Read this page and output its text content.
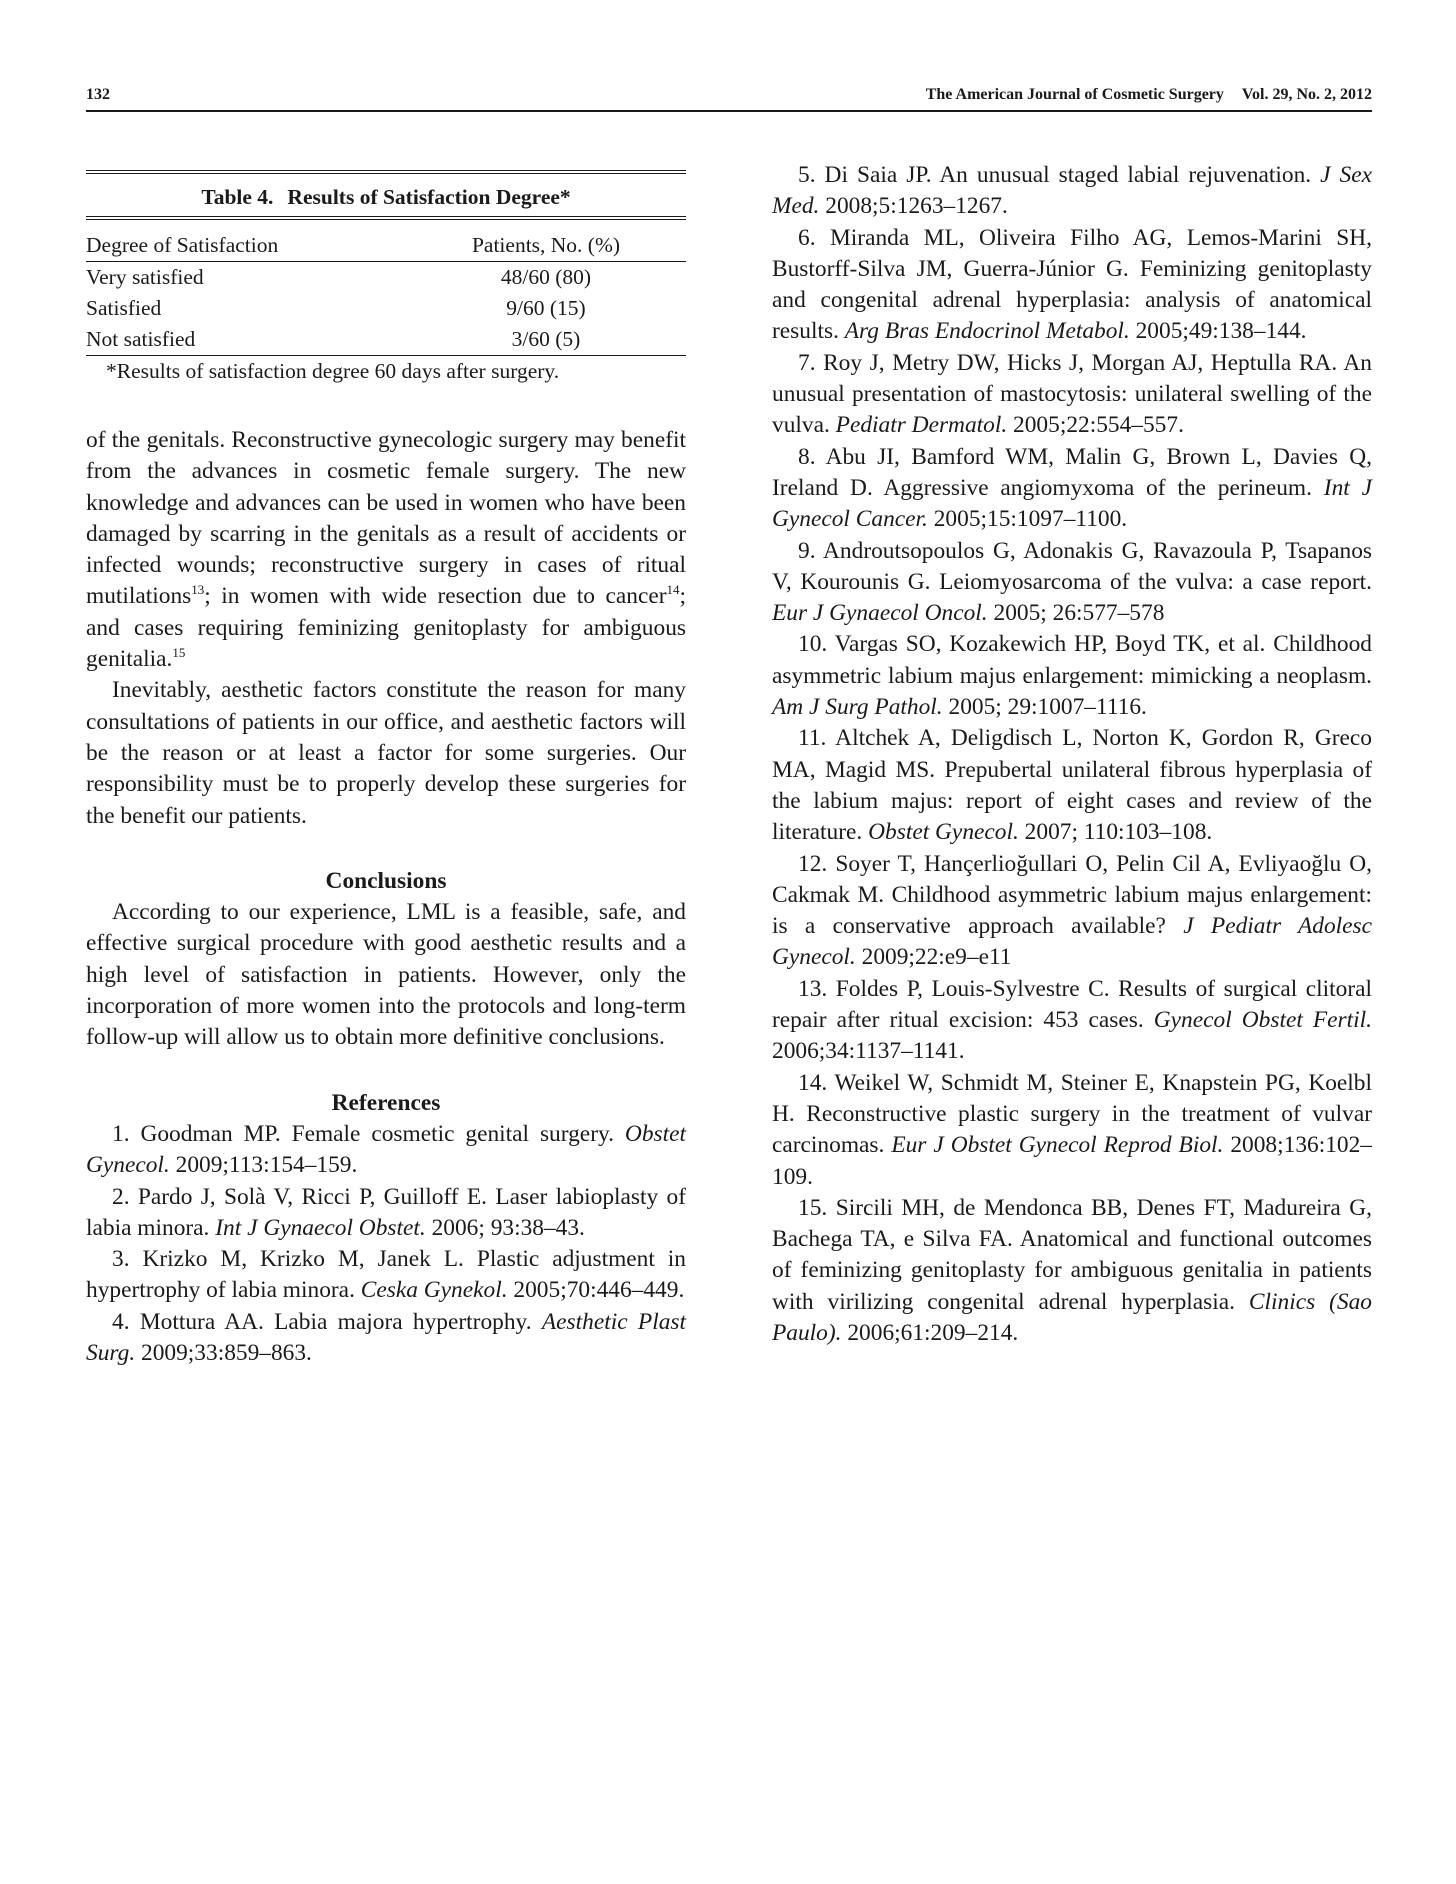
132	The American Journal of Cosmetic Surgery Vol. 29, No. 2, 2012
Table 4. Results of Satisfaction Degree*
Degree of Satisfaction	Patients, No. (%)
Very satisfied	48/60 (80)
Satisfied	9/60 (15)
Not satisfied	3/60 (5)
*Results of satisfaction degree 60 days after surgery.

of the genitals. Reconstructive gynecologic surgery may benefit from the advances in cosmetic female surgery. The new knowledge and advances can be used in women who have been damaged by scarring in the genitals as a result of accidents or infected wounds; reconstructive surgery in cases of ritual mutilations$^{13}$; in women with wide resection due to cancer$^{14}$; and cases requiring feminizing genitoplasty for ambiguous genitalia.$^{15}$

Inevitably, aesthetic factors constitute the reason for many consultations of patients in our office, and aesthetic factors will be the reason or at least a factor for some surgeries. Our responsibility must be to properly develop these surgeries for the benefit our patients.

Conclusions

According to our experience, LML is a feasible, safe, and effective surgical procedure with good aesthetic results and a high level of satisfaction in patients. However, only the incorporation of more women into the protocols and long-term follow-up will allow us to obtain more definitive conclusions.

References

1. Goodman MP. Female cosmetic genital surgery. Obstet Gynecol. 2009;113:154–159.

2. Pardo J, Solà V, Ricci P, Guilloff E. Laser labioplasty of labia minora. Int J Gynaecol Obstet. 2006; 93:38–43.

3. Krizko M, Krizko M, Janek L. Plastic adjustment in hypertrophy of labia minora. Ceska Gynekol. 2005;70:446–449.

4. Mottura AA. Labia majora hypertrophy. Aesthetic Plast Surg. 2009;33:859–863.

5. Di Saia JP. An unusual staged labial rejuvenation. J Sex Med. 2008;5:1263–1267.

6. Miranda ML, Oliveira Filho AG, Lemos-Marini SH, Bustorff-Silva JM, Guerra-Júnior G. Feminizing genitoplasty and congenital adrenal hyperplasia: analysis of anatomical results. Arg Bras Endocrinol Metabol. 2005;49:138–144.

7. Roy J, Metry DW, Hicks J, Morgan AJ, Heptulla RA. An unusual presentation of mastocytosis: unilateral swelling of the vulva. Pediatr Dermatol. 2005;22:554–557.

8. Abu JI, Bamford WM, Malin G, Brown L, Davies Q, Ireland D. Aggressive angiomyxoma of the perineum. Int J Gynecol Cancer. 2005;15:1097–1100.

9. Androutsopoulos G, Adonakis G, Ravazoula P, Tsapanos V, Kourounis G. Leiomyosarcoma of the vulva: a case report. Eur J Gynaecol Oncol. 2005; 26:577–578

10. Vargas SO, Kozakewich HP, Boyd TK, et al. Childhood asymmetric labium majus enlargement: mimicking a neoplasm. Am J Surg Pathol. 2005; 29:1007–1116.

11. Altchek A, Deligdisch L, Norton K, Gordon R, Greco MA, Magid MS. Prepubertal unilateral fibrous hyperplasia of the labium majus: report of eight cases and review of the literature. Obstet Gynecol. 2007; 110:103–108.

12. Soyer T, Hançerlioğullari O, Pelin Cil A, Evliyaoğlu O, Cakmak M. Childhood asymmetric labium majus enlargement: is a conservative approach available? J Pediatr Adolesc Gynecol. 2009;22:e9–e11

13. Foldes P, Louis-Sylvestre C. Results of surgical clitoral repair after ritual excision: 453 cases. Gynecol Obstet Fertil. 2006;34:1137–1141.

14. Weikel W, Schmidt M, Steiner E, Knapstein PG, Koelbl H. Reconstructive plastic surgery in the treatment of vulvar carcinomas. Eur J Obstet Gynecol Reprod Biol. 2008;136:102–109.

15. Sircili MH, de Mendonca BB, Denes FT, Madureira G, Bachega TA, e Silva FA. Anatomical and functional outcomes of feminizing genitoplasty for ambiguous genitalia in patients with virilizing congenital adrenal hyperplasia. Clinics (Sao Paulo). 2006;61:209–214.
